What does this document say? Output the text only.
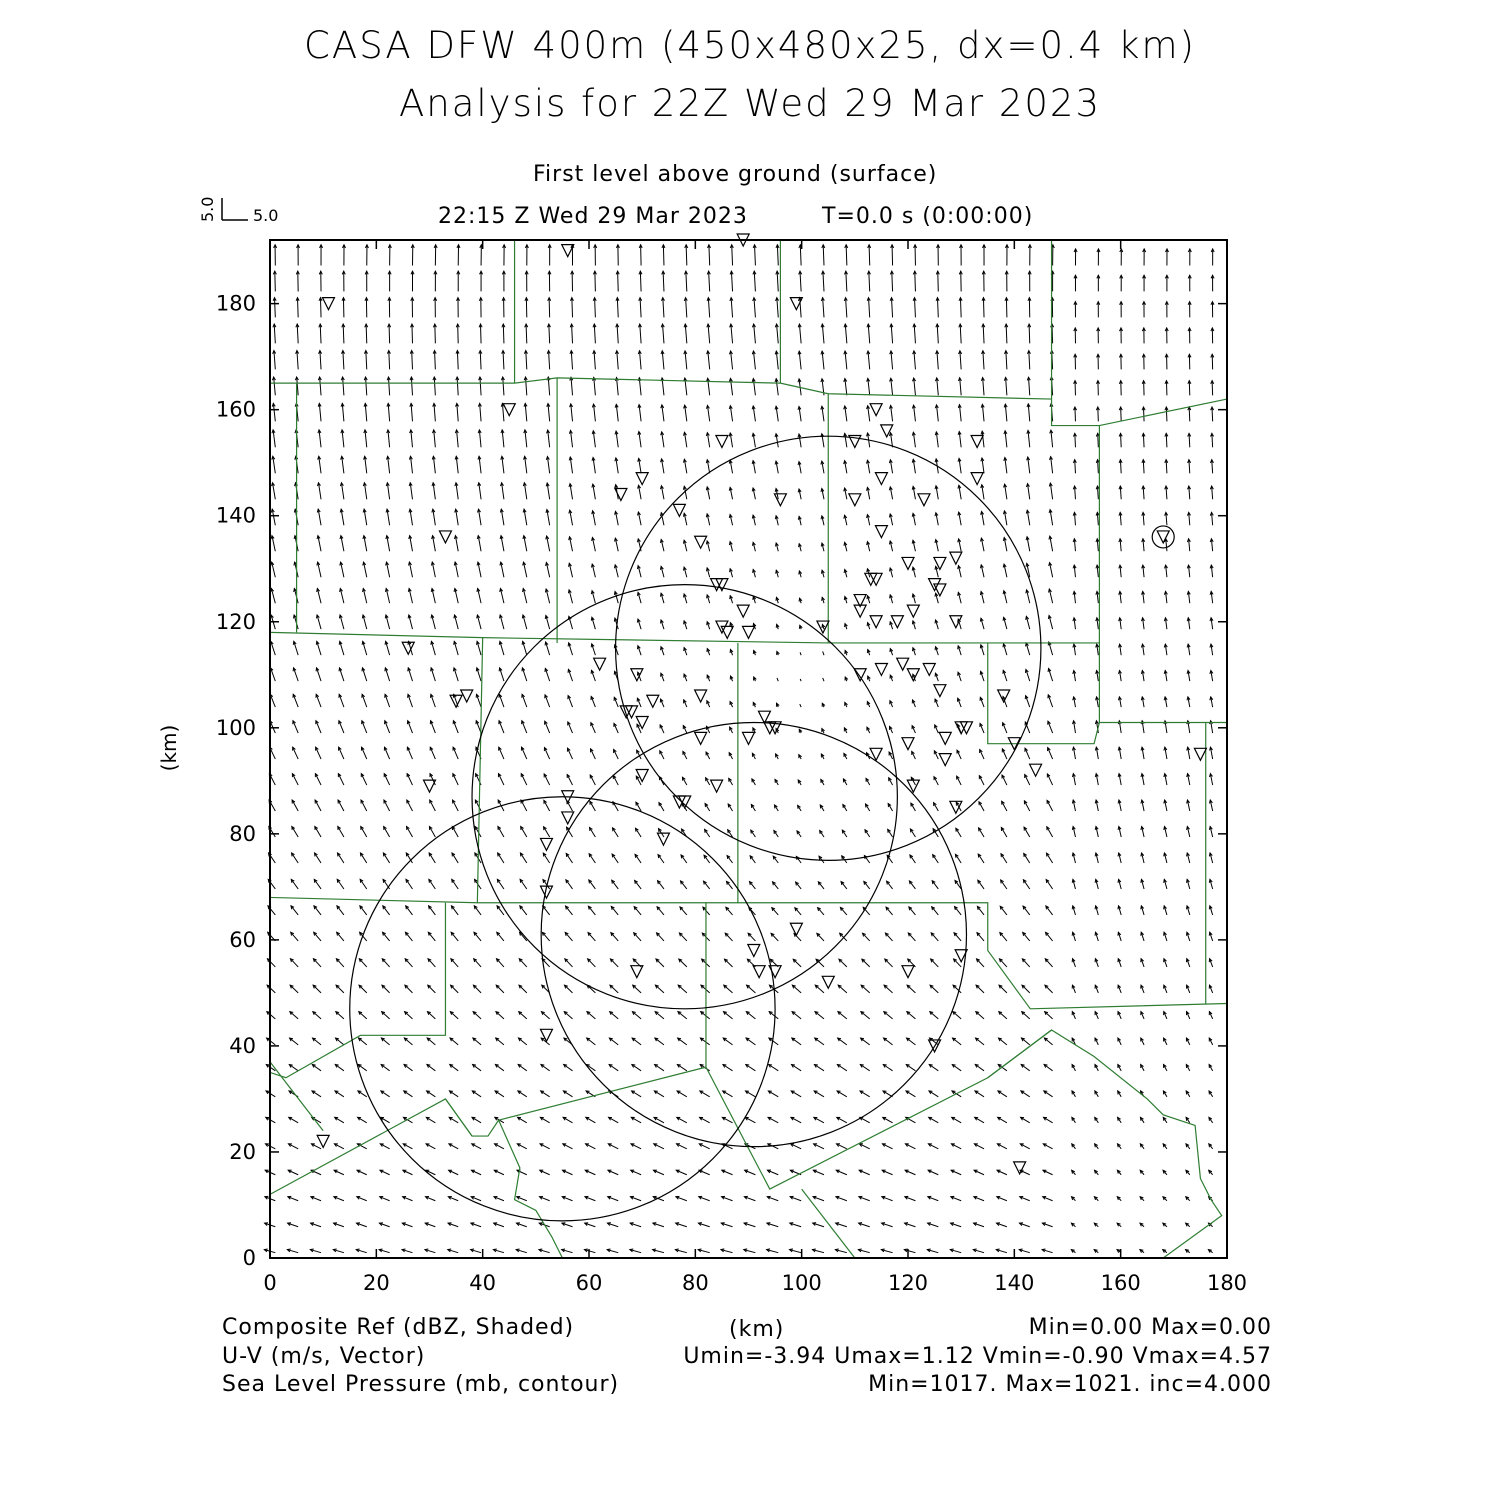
CASA DFW 400m (450x480x25, dx=0.4 km)
Analysis for 22Z Wed 29 Mar 2023
First level above ground (surface)
22:15 Z Wed 29 Mar 2023	T=0.0 s (0:00:00)
5.0
5.0
0	20	40	60	80	100	120	140	160	180
0
20
40
60
80
100
120
140
160
180
(km)
Composite Ref (dBZ, Shaded)	(km)	Min=0.00 Max=0.00
U-V (m/s, Vector)	Umin=-3.94 Umax=1.12 Vmin=-0.90 Vmax=4.57
Sea Level Pressure (mb, contour)	Min=1017. Max=1021. inc=4.000
